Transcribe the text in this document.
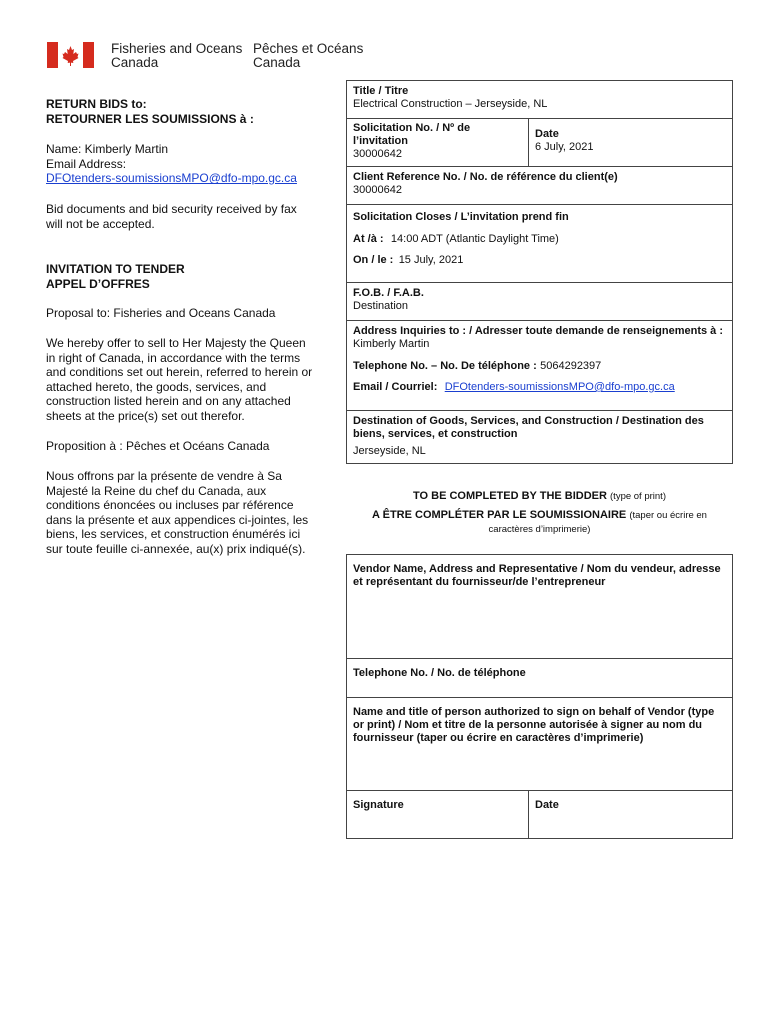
Fisheries and Oceans
Canada
Pêches et Océans
Canada
RETURN BIDS to:
RETOURNER LES SOUMISSIONS à :
Name: Kimberly Martin
Email Address:
DFOtenders-soumissionsMPO@dfo-mpo.gc.ca
Bid documents and bid security received by fax will not be accepted.
INVITATION TO TENDER
APPEL D’OFFRES
Proposal to: Fisheries and Oceans Canada
We hereby offer to sell to Her Majesty the Queen in right of Canada, in accordance with the terms and conditions set out herein, referred to herein or attached hereto, the goods, services, and construction listed herein and on any attached sheets at the price(s) set out therefor.
Proposition à : Pêches et Océans Canada
Nous offrons par la présente de vendre à Sa Majesté la Reine du chef du Canada, aux conditions énoncées ou incluses par référence dans la présente et aux appendices ci-jointes, les biens, les services, et construction énumérés ici sur toute feuille ci-annexée, au(x) prix indiqué(s).
Title / Titre
Electrical Construction – Jerseyside, NL
Solicitation No. / Nº de l’invitation
30000642
Date
6 July, 2021
Client Reference No. / No. de référence du client(e)
30000642
Solicitation Closes / L’invitation prend fin
At /à : 14:00 ADT (Atlantic Daylight Time)
On / le : 15 July, 2021
F.O.B. / F.A.B.
Destination
Address Inquiries to : / Adresser toute demande de renseignements à :
Kimberly Martin
Telephone No. – No. De téléphone : 5064292397
Email / Courriel: DFOtenders-soumissionsMPO@dfo-mpo.gc.ca
Destination of Goods, Services, and Construction / Destination des biens, services, et construction
Jerseyside, NL
TO BE COMPLETED BY THE BIDDER (type of print)
A ÊTRE COMPLÉTER PAR LE SOUMISSIONAIRE (taper ou écrire en
caractères d’imprimerie)
Vendor Name, Address and Representative / Nom du vendeur, adresse et représentant du fournisseur/de l’entrepreneur
Telephone No. / No. de téléphone
Name and title of person authorized to sign on behalf of Vendor (type or print) / Nom et titre de la personne autorisée à signer au nom du fournisseur (taper ou écrire en caractères d’imprimerie)
Signature	Date
